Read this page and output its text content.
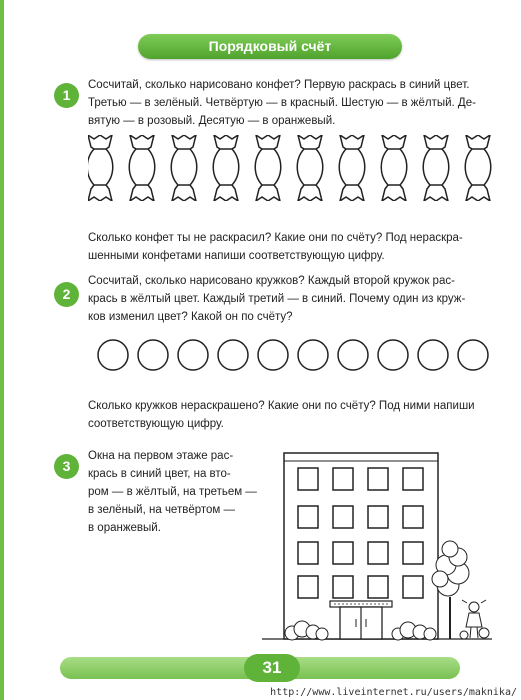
Порядковый счёт
1
Сосчитай, сколько нарисовано конфет? Первую раскрась в синий цвет.
Третью — в зелёный. Четвёртую — в красный. Шестую — в жёлтый. Де-
вятую — в розовый. Десятую — в оранжевый.
Сколько конфет ты не раскрасил? Какие они по счёту? Под нераскра-
шенными конфетами напиши соответствующую цифру.
2
Сосчитай, сколько нарисовано кружков? Каждый второй кружок рас-
крась в жёлтый цвет. Каждый третий — в синий. Почему один из круж-
ков изменил цвет? Какой он по счёту?
Сколько кружков нераскрашено? Какие они по счёту? Под ними напиши
соответствующую цифру.
3
Окна на первом этаже рас-
крась в синий цвет, на вто-
ром — в жёлтый, на третьем —
в зелёный, на четвёртом —
в оранжевый.
31
http://www.liveinternet.ru/users/maknika/
